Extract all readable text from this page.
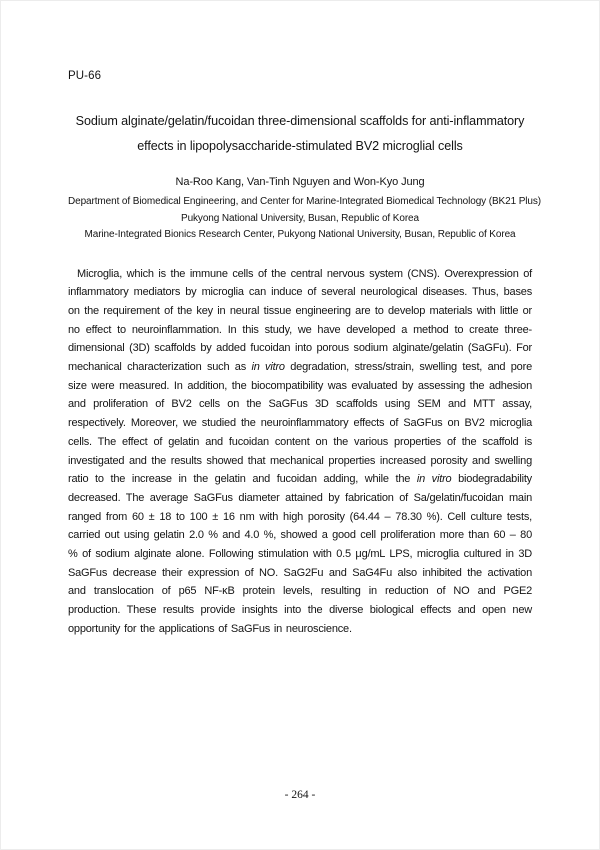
PU-66
Sodium alginate/gelatin/fucoidan three-dimensional scaffolds for anti-inflammatory
effects in lipopolysaccharide-stimulated BV2 microglial cells
Na-Roo Kang, Van-Tinh Nguyen and Won-Kyo Jung
Department of Biomedical Engineering, and Center for Marine-Integrated Biomedical Technology (BK21 Plus)
Pukyong National University, Busan, Republic of Korea
Marine-Integrated Bionics Research Center, Pukyong National University, Busan, Republic of Korea

Microglia, which is the immune cells of the central nervous system (CNS). Overexpression of inflammatory mediators by microglia can induce of several neurological diseases. Thus, bases on the requirement of the key in neural tissue engineering are to develop materials with little or no effect to neuroinflammation. In this study, we have developed a method to create three-dimensional (3D) scaffolds by added fucoidan into porous sodium alginate/gelatin (SaGFu). For mechanical characterization such as in vitro degradation, stress/strain, swelling test, and pore size were measured. In addition, the biocompatibility was evaluated by assessing the adhesion and proliferation of BV2 cells on the SaGFus 3D scaffolds using SEM and MTT assay, respectively. Moreover, we studied the neuroinflammatory effects of SaGFus on BV2 microglia cells. The effect of gelatin and fucoidan content on the various properties of the scaffold is investigated and the results showed that mechanical properties increased porosity and swelling ratio to the increase in the gelatin and fucoidan adding, while the in vitro biodegradability decreased. The average SaGFus diameter attained by fabrication of Sa/gelatin/fucoidan main ranged from 60 ± 18 to 100 ± 16 nm with high porosity (64.44 – 78.30 %). Cell culture tests, carried out using gelatin 2.0 % and 4.0 %, showed a good cell proliferation more than 60 – 80 % of sodium alginate alone. Following stimulation with 0.5 μg/mL LPS, microglia cultured in 3D SaGFus decrease their expression of NO. SaG2Fu and SaG4Fu also inhibited the activation and translocation of p65 NF-κB protein levels, resulting in reduction of NO and PGE2 production. These results provide insights into the diverse biological effects and open new opportunity for the applications of SaGFus in neuroscience.

- 264 -
